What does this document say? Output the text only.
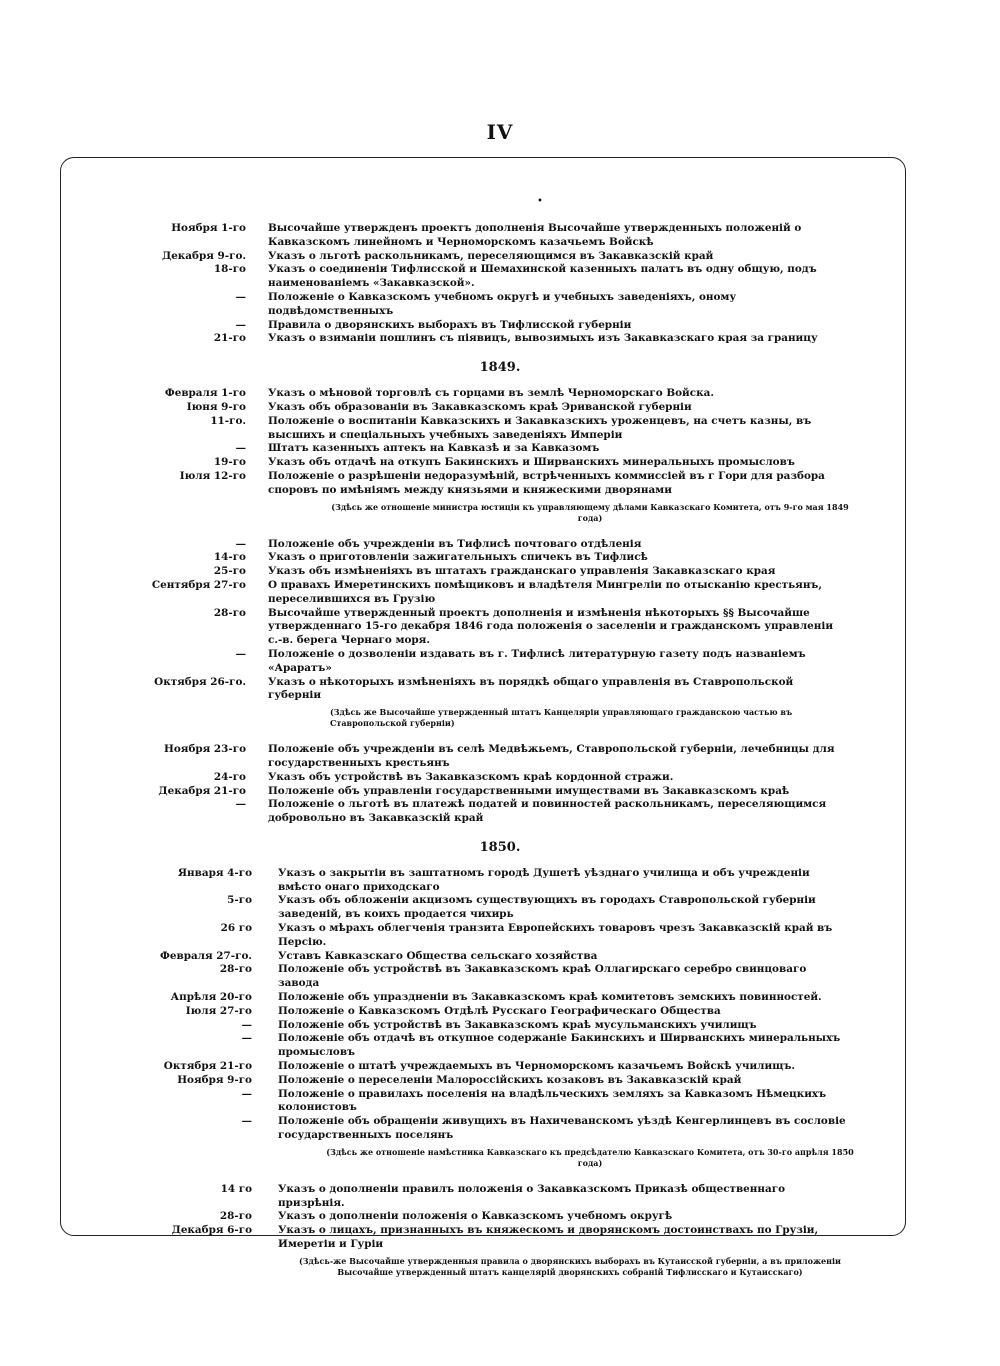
IV
•
Ноября 1-го Высочайше утвержденъ проектъ дополненія Высочайше утвержденныхъ положеній о Кавказскомъ линейномъ и Черноморскомъ казачьемъ Войскѣ
Декабря 9-го. Указъ о льготѣ раскольникамъ, переселяющимся въ Закавказскій край
18-го Указъ о соединеніи Тифлисской и Шемахинской казенныхъ палатъ въ одну общую, подъ наименованіемъ «Закавказской».
— Положеніе о Кавказскомъ учебномъ округѣ и учебныхъ заведеніяхъ, оному подвѣдомственныхъ
— Правила о дворянскихъ выборахъ въ Тифлисской губерніи
21-го Указъ о взиманіи пошлинъ съ піявицъ, вывозимыхъ изъ Закавказскаго края за границу
1849.
Февраля 1-го Указъ о мѣновой торговлѣ съ горцами въ землѣ Черноморскаго Войска.
Іюня 9-го Указъ объ образованіи въ Закавказскомъ краѣ Эриванской губерніи
11-го. Положеніе о воспитаніи Кавказскихъ и Закавказскихъ уроженцевъ, на счетъ казны, въ высшихъ и спеціальныхъ учебныхъ заведеніяхъ Имперіи
— Штатъ казенныхъ аптекъ на Кавказѣ и за Кавказомъ
19-го Указъ объ отдачѣ на откупъ Бакинскихъ и Ширванскихъ минеральныхъ промысловъ
Іюля 12-го Положеніе о разрѣшеніи недоразумѣній, встрѣченныхъ коммиссіей въ г Гори для разбора споровъ по имѣніямъ между князьями и княжескими дворянами
(Здѣсь же отношеніе министра юстиціи къ управляющему дѣлами Кавказскаго Комитета, отъ 9-го мая 1849 года)
— Положеніе объ учрежденіи въ Тифлисѣ почтоваго отдѣленія
14-го Указъ о приготовленіи зажигательныхъ спичекъ въ Тифлисѣ
25-го Указъ объ измѣненіяхъ въ штатахъ гражданскаго управленія Закавказскаго края
Сентября 27-го О правахъ Имеретинскихъ помѣщиковъ и владѣтеля Мингреліи по отысканію крестьянъ, переселившихся въ Грузію
28-го Высочайше утвержденный проектъ дополненія и измѣненія нѣкоторыхъ §§ Высочайше утвержденнаго 15-го декабря 1846 года положенія о заселеніи и гражданскомъ управленіи с.-в. берега Чернаго моря.
— Положеніе о дозволеніи издавать въ г. Тифлисѣ литературную газету подъ названіемъ «Араратъ»
Октября 26-го. Указъ о нѣкоторыхъ измѣненіяхъ въ порядкѣ общаго управленія въ Ставропольской губерніи
(Здѣсь же Высочайше утвержденный штатъ Канцеляріи управляющаго гражданскою частью въ Ставропольской губерніи)
Ноября 23-го Положеніе объ учрежденіи въ селѣ Медвѣжьемъ, Ставропольской губерніи, лечебницы для государственныхъ крестьянъ
24-го Указъ объ устройствѣ въ Закавказскомъ краѣ кордонной стражи.
Декабря 21-го Положеніе объ управленіи государственными имуществами въ Закавказскомъ краѣ
— Положеніе о льготѣ въ платежѣ податей и повинностей раскольникамъ, переселяющимся добровольно въ Закавказскій край
1850.
Января 4-го	Указъ о закрытіи въ заштатномъ городѣ Душетѣ уѣзднаго училища и объ учрежденіи вмѣсто онаго приходскаго
5-го	Указъ объ обложеніи акцизомъ существующихъ въ городахъ Ставропольской губерніи заведеній, въ коихъ продается чихирь
26 го	Указъ о мѣрахъ облегченія транзита Европейскихъ товаровъ чрезъ Закавказскій край въ Персію.
Февраля 27-го.	Уставъ Кавказскаго Общества сельскаго хозяйства
28-го	Положеніе объ устройствѣ въ Закавказскомъ краѣ Оллагирскаго серебро свинцоваго завода
Апрѣля 20-го	Положеніе объ упраздненіи въ Закавказскомъ краѣ комитетовъ земскихъ повинностей.
Іюля 27-го	Положеніе о Кавказскомъ Отдѣлѣ Русскаго Географическаго Общества
—	Положеніе объ устройствѣ въ Закавказскомъ краѣ мусульманскихъ училищъ
—	Положеніе объ отдачѣ въ откупное содержаніе Бакинскихъ и Ширванскихъ минеральныхъ промысловъ
Октября 21-го	Положеніе о штатѣ учреждаемыхъ въ Черноморскомъ казачьемъ Войскѣ училищъ.
Ноября 9-го	Положеніе о переселеніи Малороссійскихъ козаковъ въ Закавказскій край
—	Положеніе о правилахъ поселенія на владѣльческихъ земляхъ за Кавказомъ Нѣмецкихъ колонистовъ
—	Положеніе объ обращеніи живущихъ въ Нахичеванскомъ уѣздѣ Кенгерлинцевъ въ сословіе государственныхъ поселянъ
(Здѣсь же отношеніе намѣстника Кавказскаго къ предсѣдателю Кавказскаго Комитета, отъ 30-го апрѣля 1850 года)
14 го	Указъ о дополненіи правилъ положенія о Закавказскомъ Приказѣ общественнаго призрѣнія.
28-го	Указъ о дополненіи положенія о Кавказскомъ учебномъ округѣ
Декабря 6-го	Указъ о лицахъ, признанныхъ въ княжескомъ и дворянскомъ достоинствахъ по Грузіи, Имеретіи и Гуріи
(Здѣсь-же Высочайше утвержденныя правила о дворянскихъ выборахъ въ Кутаисской губерніи, а въ приложеніи Высочайше утвержденный штатъ канцелярій дворянскихъ собраній Тифлисскаго и Кутаисскаго)
